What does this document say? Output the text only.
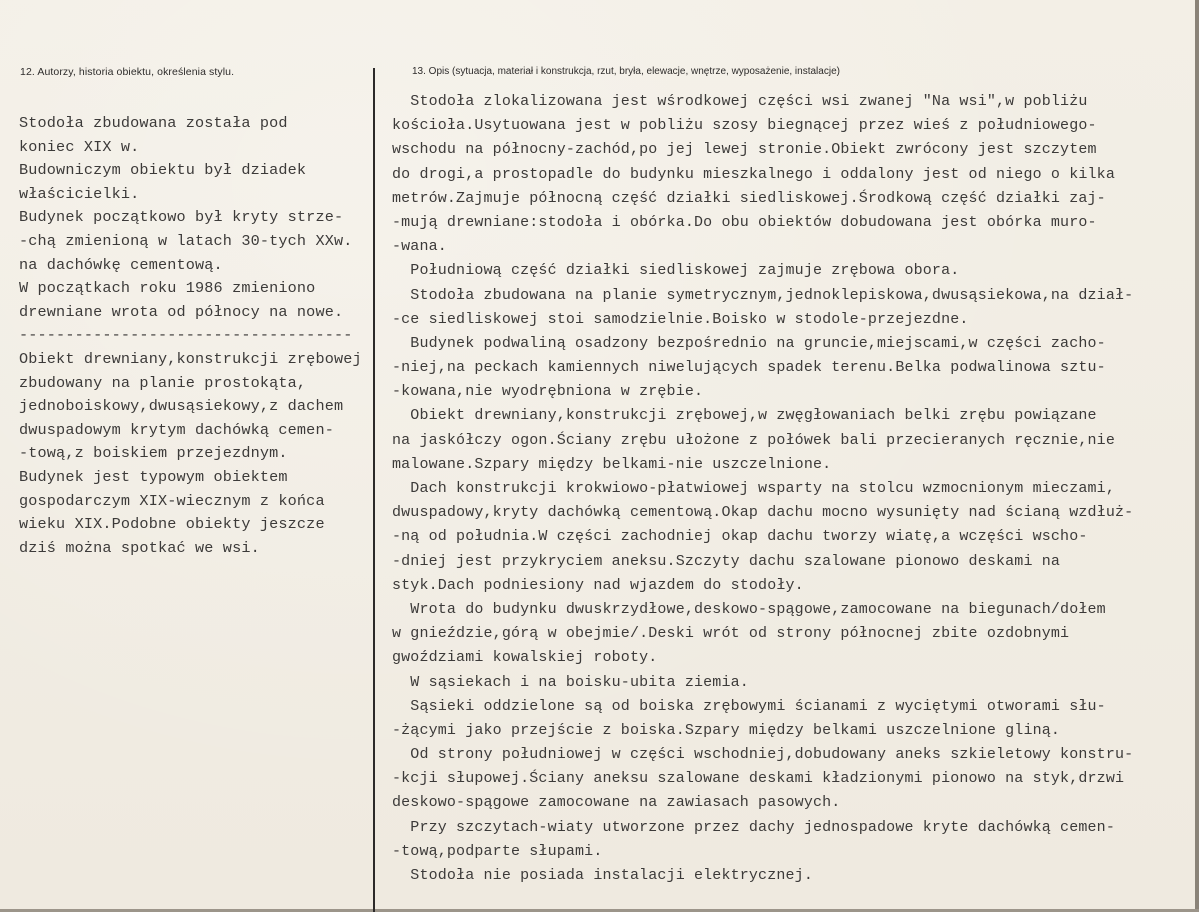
12. Autorzy, historia obiektu, określenia stylu.	13. Opis (sytuacja, materiał i konstrukcja, rzut, bryła, elewacje, wnętrze, wyposażenie, instalacje)
Stodoła zbudowana została pod
koniec XIX w.
Budowniczym obiektu był dziadek
właścicielki.
Budynek początkowo był kryty strze-
-chą zmienioną w latach 30-tych XXw.
na dachówkę cementową.
W początkach roku 1986 zmieniono
drewniane wrota od północy na nowe.
------------------------------------
Obiekt drewniany,konstrukcji zrębowej
zbudowany na planie prostokąta,
jednoboiskowy,dwusąsiekowy,z dachem
dwuspadowym krytym dachówką cemen-
-tową,z boiskiem przejezdnym.
Budynek jest typowym obiektem
gospodarczym XIX-wiecznym z końca
wieku XIX.Podobne obiekty jeszcze
dziś można spotkać we wsi.
Stodoła zlokalizowana jest wśrodkowej części wsi zwanej "Na wsi",w pobliżu
kościoła.Usytuowana jest w pobliżu szosy biegnącej przez wieś z południowego-
wschodu na północny-zachód,po jej lewej stronie.Obiekt zwrócony jest szczytem
do drogi,a prostopadle do budynku mieszkalnego i oddalony jest od niego o kilka
metrów.Zajmuje północną część działki siedliskowej.Środkową część działki zaj-
-mują drewniane:stodoła i obórka.Do obu obiektów dobudowana jest obórka muro-
-wana.
Południową część działki siedliskowej zajmuje zrębowa obora.
Stodoła zbudowana na planie symetrycznym,jednoklepiskowa,dwusąsiekowa,na dział-
-ce siedliskowej stoi samodzielnie.Boisko w stodole-przejezdne.
Budynek podwaliną osadzony bezpośrednio na gruncie,miejscami,w części zacho-
-niej,na peckach kamiennych niwelujących spadek terenu.Belka podwalinowa sztu-
-kowana,nie wyodrębniona w zrębie.
Obiekt drewniany,konstrukcji zrębowej,w zwęgłowaniach belki zrębu powiązane
na jaskółczy ogon.Ściany zrębu ułożone z połówek bali przecieranych ręcznie,nie
malowane.Szpary między belkami-nie uszczelnione.
Dach konstrukcji krokwiowo-płatwiowej wsparty na stolcu wzmocnionym mieczami,
dwuspadowy,kryty dachówką cementową.Okap dachu mocno wysunięty nad ścianą wzdłuż-
-ną od południa.W części zachodniej okap dachu tworzy wiatę,a wczęści wscho-
-dniej jest przykryciem aneksu.Szczyty dachu szalowane pionowo deskami na
styk.Dach podniesiony nad wjazdem do stodoły.
Wrota do budynku dwuskrzydłowe,deskowo-spągowe,zamocowane na biegunach/dołem
w gnieździe,górą w obejmie/.Deski wrót od strony północnej zbite ozdobnymi
gwoździami kowalskiej roboty.
W sąsiekach i na boisku-ubita ziemia.
Sąsieki oddzielone są od boiska zrębowymi ścianami z wyciętymi otworami słu-
-żącymi jako przejście z boiska.Szpary między belkami uszczelnione gliną.
Od strony południowej w części wschodniej,dobudowany aneks szkieletowy konstru-
-kcji słupowej.Ściany aneksu szalowane deskami kładzionymi pionowo na styk,drzwi
deskowo-spągowe zamocowane na zawiasach pasowych.
Przy szczytach-wiaty utworzone przez dachy jednospadowe kryte dachówką cemen-
-tową,podparte słupami.
Stodoła nie posiada instalacji elektrycznej.
